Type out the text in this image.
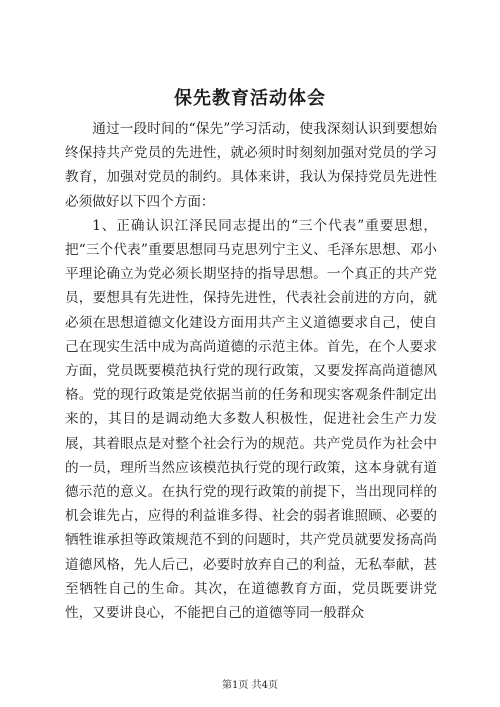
保先教育活动体会

通过一段时间的“保先”学习活动，使我深刻认识到要想始终保持共产党员的先进性，就必须时时刻刻加强对党员的学习教育，加强对党员的制约。具体来讲，我认为保持党员先进性必须做好以下四个方面：

1、正确认识江泽民同志提出的“三个代表”重要思想，把“三个代表”重要思想同马克思列宁主义、毛泽东思想、邓小平理论确立为党必须长期坚持的指导思想。一个真正的共产党员，要想具有先进性，保持先进性，代表社会前进的方向，就必须在思想道德文化建设方面用共产主义道德要求自己，使自己在现实生活中成为高尚道德的示范主体。首先，在个人要求方面，党员既要模范执行党的现行政策，又要发挥高尚道德风格。党的现行政策是党依据当前的任务和现实客观条件制定出来的，其目的是调动绝大多数人积极性，促进社会生产力发展，其着眼点是对整个社会行为的规范。共产党员作为社会中的一员，理所当然应该模范执行党的现行政策，这本身就有道德示范的意义。在执行党的现行政策的前提下，当出现同样的机会谁先占，应得的利益谁多得、社会的弱者谁照顾、必要的牺牲谁承担等政策规范不到的问题时，共产党员就要发扬高尚道德风格，先人后己，必要时放弃自己的利益，无私奉献，甚至牺牲自己的生命。其次，在道德教育方面，党员既要讲党性，又要讲良心，不能把自己的道德等同一般群众

第1页 共4页
